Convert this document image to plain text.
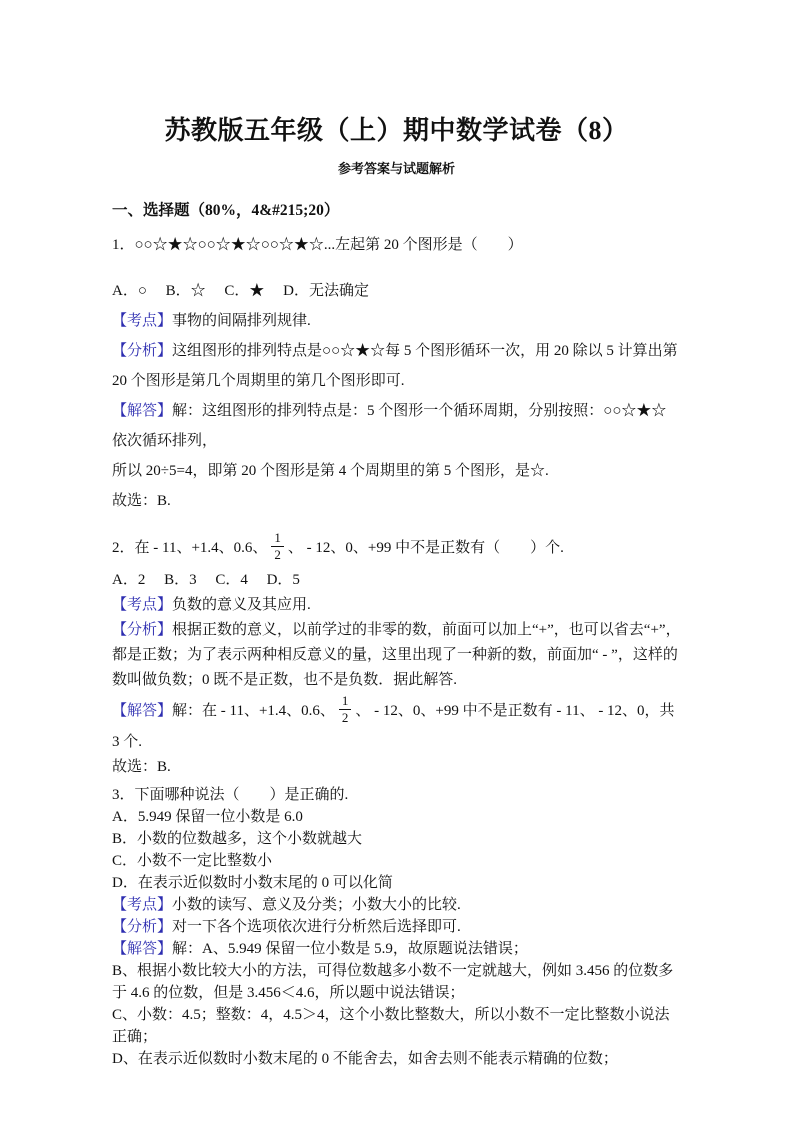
苏教版五年级（上）期中数学试卷（8）
参考答案与试题解析
一、选择题（80%，4&#215;20）

1．○○☆★☆○○☆★☆○○☆★☆...左起第 20 个图形是（　　）

A．○　 B．☆　 C．★　 D．无法确定

【考点】事物的间隔排列规律.

【分析】这组图形的排列特点是○○☆★☆每 5 个图形循环一次，用 20 除以 5 计算出第 20 个图形是第几个周期里的第几个图形即可.

【解答】解：这组图形的排列特点是：5 个图形一个循环周期，分别按照：○○☆★☆依次循环排列，

所以 20÷5=4，即第 20 个图形是第 4 个周期里的第 5 个图形，是☆.

故选：B.

2．在 - 11、+1.4、0.6、 $\frac{1}{2}$ 、 - 12、0、+99 中不是正数有（　　）个.

A．2　 B．3　 C．4　 D．5

【考点】负数的意义及其应用.

【分析】根据正数的意义，以前学过的非零的数，前面可以加上“+”，也可以省去“+”，都是正数；为了表示两种相反意义的量，这里出现了一种新的数，前面加“ - ”，这样的数叫做负数；0 既不是正数，也不是负数．据此解答.

【解答】解：在 - 11、+1.4、0.6、 $\frac{1}{2}$ 、 - 12、0、+99 中不是正数有 - 11、 - 12、0，共 3 个.

故选：B.

3．下面哪种说法（　　）是正确的.

A．5.949 保留一位小数是 6.0

B．小数的位数越多，这个小数就越大

C．小数不一定比整数小

D．在表示近似数时小数末尾的 0 可以化简

【考点】小数的读写、意义及分类；小数大小的比较.

【分析】对一下各个选项依次进行分析然后选择即可.

【解答】解：A、5.949 保留一位小数是 5.9，故原题说法错误；

B、根据小数比较大小的方法，可得位数越多小数不一定就越大，例如 3.456 的位数多于 4.6 的位数，但是 3.456＜4.6，所以题中说法错误；

C、小数：4.5；整数：4，4.5＞4，这个小数比整数大，所以小数不一定比整数小说法正确；

D、在表示近似数时小数末尾的 0 不能舍去，如舍去则不能表示精确的位数；
